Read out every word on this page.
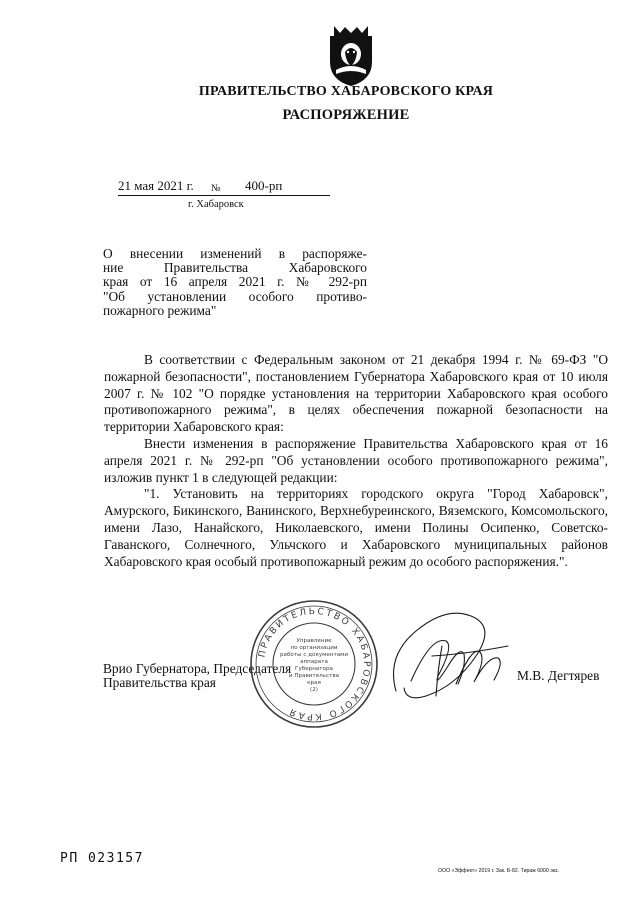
ПРАВИТЕЛЬСТВО ХАБАРОВСКОГО КРАЯ
РАСПОРЯЖЕНИЕ
21 мая 2021 г. № 400-рп
г. Хабаровск
О внесении изменений в распоряже-
ние Правительства Хабаровского
края от 16 апреля 2021 г. № 292-рп
"Об установлении особого противо-
пожарного режима"

В соответствии с Федеральным законом от 21 декабря 1994 г. № 69-ФЗ "О пожарной безопасности", постановлением Губернатора Хабаровского края от 10 июля 2007 г. № 102 "О порядке установления на территории Хабаровского края особого противопожарного режима", в целях обеспечения пожарной безопасности на территории Хабаровского края:

Внести изменения в распоряжение Правительства Хабаровского края от 16 апреля 2021 г. № 292-рп "Об установлении особого противопожарного режима", изложив пункт 1 в следующей редакции:

"1. Установить на территориях городского округа "Город Хабаровск", Амурского, Бикинского, Ванинского, Верхнебуреинского, Вяземского, Комсомольского, имени Лазо, Нанайского, Николаевского, имени Полины Осипенко, Советско-Гаванского, Солнечного, Ульчского и Хабаровского муниципальных районов Хабаровского края особый противопожарный режим до особого распоряжения.".

Врио Губернатора, Председателя
Правительства края	М.В. Дегтярев
ПРАВИТЕЛЬСТВО ХАБАРОВСКОГО КРАЯ
Управление
по организации
работы с документами
аппарата
Губернатора
и Правительства
края
(2)
РП 023157
ООО «Эффект» 2019 г. Зак. Б-82. Тираж 6000 экз.
